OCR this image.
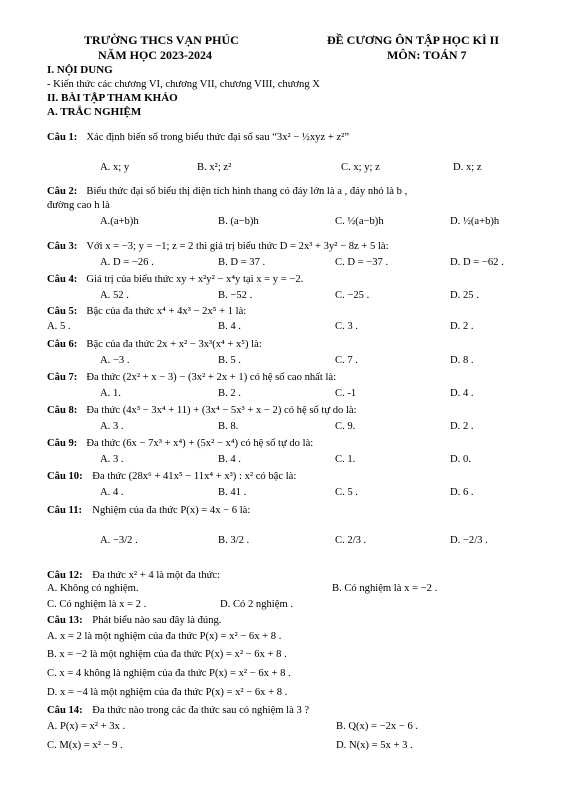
TRƯỜNG THCS VẠN PHÚC
NĂM HỌC 2023-2024
ĐỀ CƯƠNG ÔN TẬP HỌC KÌ II
MÔN: TOÁN 7
I. NỘI DUNG
- Kiến thức các chương VI, chương VII, chương VIII, chương X
II. BÀI TẬP THAM KHẢO
A. TRẮC NGHIỆM
Câu 1: Xác định biến số trong biểu thức đại số sau “3x² − ½xyz + z²”
A. x; y	B. x²; z²	C. x; y; z	D. x; z
Câu 2: Biểu thức đại số biểu thị diện tích hình thang có đáy lớn là a , đáy nhỏ là b ,
đường cao h là
A.(a+b)h	B. (a−b)h	C. ½(a−b)h	D. ½(a+b)h
Câu 3: Với x = −3; y = −1; z = 2 thì giá trị biểu thức D = 2x³ + 3y² − 8z + 5 là:
A. D = −26 .	B. D = 37 .	C. D = −37 .	D. D = −62 .
Câu 4: Giá trị của biểu thức xy + x²y² − x⁴y tại x = y = −2.
A. 52 .	B. −52 .	C. −25 .	D. 25 .
Câu 5: Bậc của đa thức x⁴ + 4x³ − 2x⁵ + 1 là:
A. 5 .	B. 4 .	C. 3 .	D. 2 .
Câu 6: Bậc của đa thức 2x + x² − 3x³(x⁴ + x⁵) là:
A. −3 .	B. 5 .	C. 7 .	D. 8 .
Câu 7: Đa thức (2x² + x − 3) − (3x² + 2x + 1) có hệ số cao nhất là:
A. 1.	B. 2 .	C. -1	D. 4 .
Câu 8: Đa thức (4x³ − 3x⁴ + 11) + (3x⁴ − 5x³ + x − 2) có hệ số tự do là:
A. 3 .	B. 8.	C. 9.	D. 2 .
Câu 9: Đa thức (6x − 7x³ + x⁴) + (5x² − x⁴) có hệ số tự do là:
A. 3 .	B. 4 .	C. 1.	D. 0.
Câu 10: Đa thức (28x⁶ + 41x⁵ − 11x⁴ + x³) : x² có bậc là:
A. 4 .	B. 41 .	C. 5 .	D. 6 .
Câu 11: Nghiệm của đa thức P(x) = 4x − 6 là:
A. −3/2 .	B. 3/2 .	C. 2/3 .	D. −2/3 .
Câu 12: Đa thức x² + 4 là một đa thức:
A. Không có nghiệm.	B. Có nghiệm là x = −2 .
C. Có nghiệm là x = 2 .	D. Có 2 nghiệm .
Câu 13: Phát biểu nào sau đây là đúng.
A. x = 2 là một nghiệm của đa thức P(x) = x² − 6x + 8 .
B. x = −2 là một nghiệm của đa thức P(x) = x² − 6x + 8 .
C. x = 4 không là nghiệm của đa thức P(x) = x² − 6x + 8 .
D. x = −4 là một nghiệm của đa thức P(x) = x² − 6x + 8 .
Câu 14: Đa thức nào trong các đa thức sau có nghiệm là 3 ?
A. P(x) = x² + 3x .	B. Q(x) = −2x − 6 .
C. M(x) = x² − 9 .	D. N(x) = 5x + 3 .
